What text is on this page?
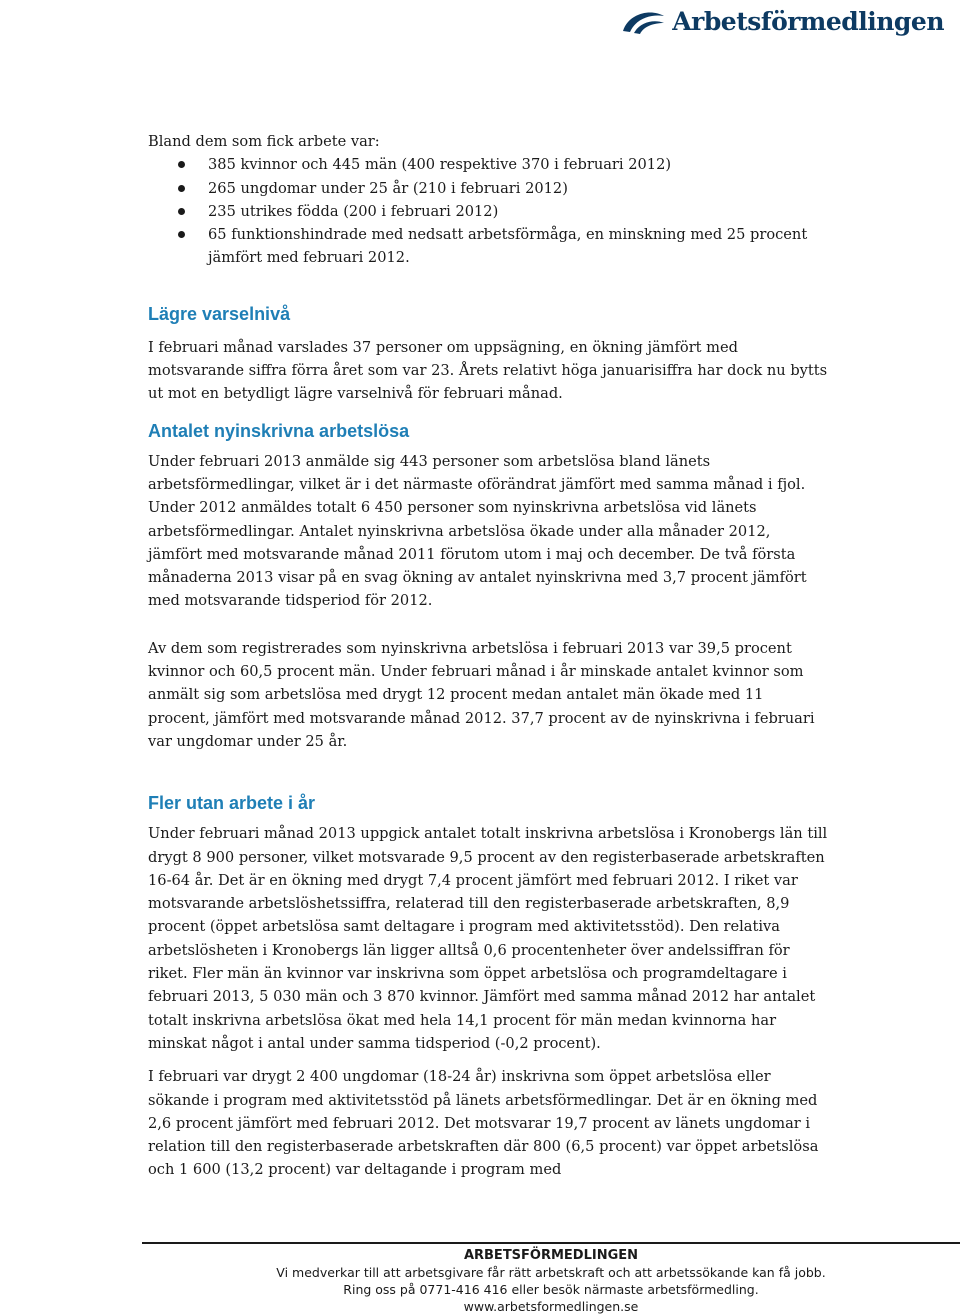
Arbetsförmedlingen

Bland dem som fick arbete var:

385 kvinnor och 445 män (400 respektive 370 i februari 2012)
265 ungdomar under 25 år (210 i februari 2012)
235 utrikes födda (200 i februari 2012)
65 funktionshindrade med nedsatt arbetsförmåga, en minskning med 25 procent jämfört med februari 2012.
Lägre varselnivå

I februari månad varslades 37 personer om uppsägning, en ökning jämfört med motsvarande siffra förra året som var 23. Årets relativt höga januarisiffra har dock nu bytts ut mot en betydligt lägre varselnivå för februari månad.

Antalet nyinskrivna arbetslösa

Under februari 2013 anmälde sig 443 personer som arbetslösa bland länets arbetsförmedlingar, vilket är i det närmaste oförändrat jämfört med samma månad i fjol. Under 2012 anmäldes totalt 6 450 personer som nyinskrivna arbetslösa vid länets arbetsförmedlingar. Antalet nyinskrivna arbetslösa ökade under alla månader 2012, jämfört med motsvarande månad 2011 förutom utom i maj och december. De två första månaderna 2013 visar på en svag ökning av antalet nyinskrivna med 3,7 procent jämfört med motsvarande tidsperiod för 2012.

Av dem som registrerades som nyinskrivna arbetslösa i februari 2013 var 39,5 procent kvinnor och 60,5 procent män. Under februari månad i år minskade antalet kvinnor som anmält sig som arbetslösa med drygt 12 procent medan antalet män ökade med 11 procent, jämfört med motsvarande månad 2012. 37,7 procent av de nyinskrivna i februari var ungdomar under 25 år.

Fler utan arbete i år

Under februari månad 2013 uppgick antalet totalt inskrivna arbetslösa i Kronobergs län till drygt 8 900 personer, vilket motsvarade 9,5 procent av den registerbaserade arbetskraften 16-64 år. Det är en ökning med drygt 7,4 procent jämfört med februari 2012. I riket var motsvarande arbetslöshetssiffra, relaterad till den registerbaserade arbetskraften, 8,9 procent (öppet arbetslösa samt deltagare i program med aktivitetsstöd). Den relativa arbetslösheten i Kronobergs län ligger alltså 0,6 procentenheter över andelssiffran för riket. Fler män än kvinnor var inskrivna som öppet arbetslösa och programdeltagare i februari 2013, 5 030 män och 3 870 kvinnor. Jämfört med samma månad 2012 har antalet totalt inskrivna arbetslösa ökat med hela 14,1 procent för män medan kvinnorna har minskat något i antal under samma tidsperiod (-0,2 procent).

I februari var drygt 2 400 ungdomar (18-24 år) inskrivna som öppet arbetslösa eller sökande i program med aktivitetsstöd på länets arbetsförmedlingar. Det är en ökning med 2,6 procent jämfört med februari 2012. Det motsvarar 19,7 procent av länets ungdomar i relation till den registerbaserade arbetskraften där 800 (6,5 procent) var öppet arbetslösa och 1 600 (13,2 procent) var deltagande i program med

ARBETSFÖRMEDLINGEN
Vi medverkar till att arbetsgivare får rätt arbetskraft och att arbetssökande kan få jobb.
Ring oss på 0771-416 416 eller besök närmaste arbetsförmedling.
www.arbetsformedlingen.se
